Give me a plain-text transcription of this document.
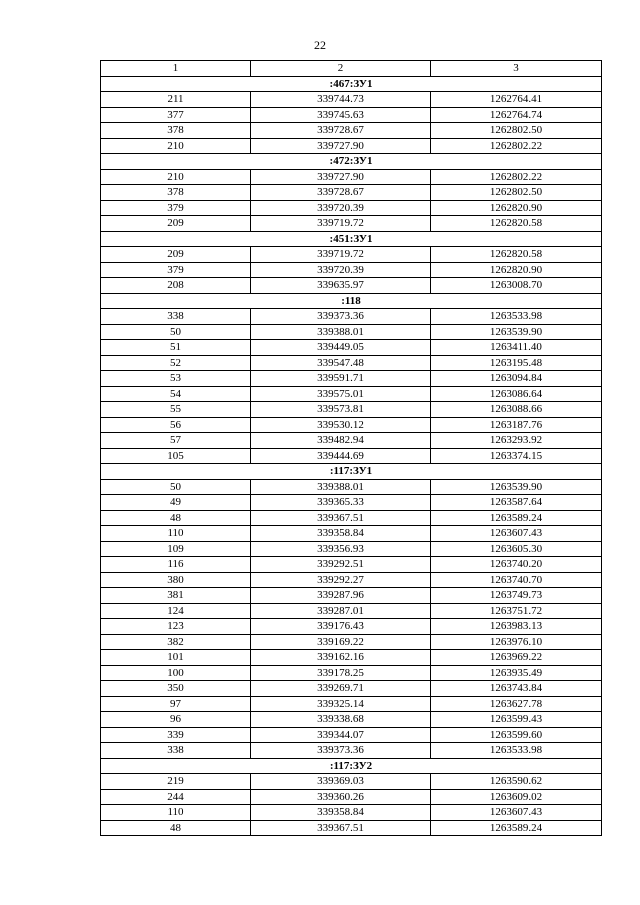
22
1	2	3
:467:ЗУ1		
211	339744.73	1262764.41
377	339745.63	1262764.74
378	339728.67	1262802.50
210	339727.90	1262802.22
:472:ЗУ1		
210	339727.90	1262802.22
378	339728.67	1262802.50
379	339720.39	1262820.90
209	339719.72	1262820.58
:451:ЗУ1		
209	339719.72	1262820.58
379	339720.39	1262820.90
208	339635.97	1263008.70
:118		
338	339373.36	1263533.98
50	339388.01	1263539.90
51	339449.05	1263411.40
52	339547.48	1263195.48
53	339591.71	1263094.84
54	339575.01	1263086.64
55	339573.81	1263088.66
56	339530.12	1263187.76
57	339482.94	1263293.92
105	339444.69	1263374.15
:117:ЗУ1		
50	339388.01	1263539.90
49	339365.33	1263587.64
48	339367.51	1263589.24
110	339358.84	1263607.43
109	339356.93	1263605.30
116	339292.51	1263740.20
380	339292.27	1263740.70
381	339287.96	1263749.73
124	339287.01	1263751.72
123	339176.43	1263983.13
382	339169.22	1263976.10
101	339162.16	1263969.22
100	339178.25	1263935.49
350	339269.71	1263743.84
97	339325.14	1263627.78
96	339338.68	1263599.43
339	339344.07	1263599.60
338	339373.36	1263533.98
:117:ЗУ2		
219	339369.03	1263590.62
244	339360.26	1263609.02
110	339358.84	1263607.43
48	339367.51	1263589.24
